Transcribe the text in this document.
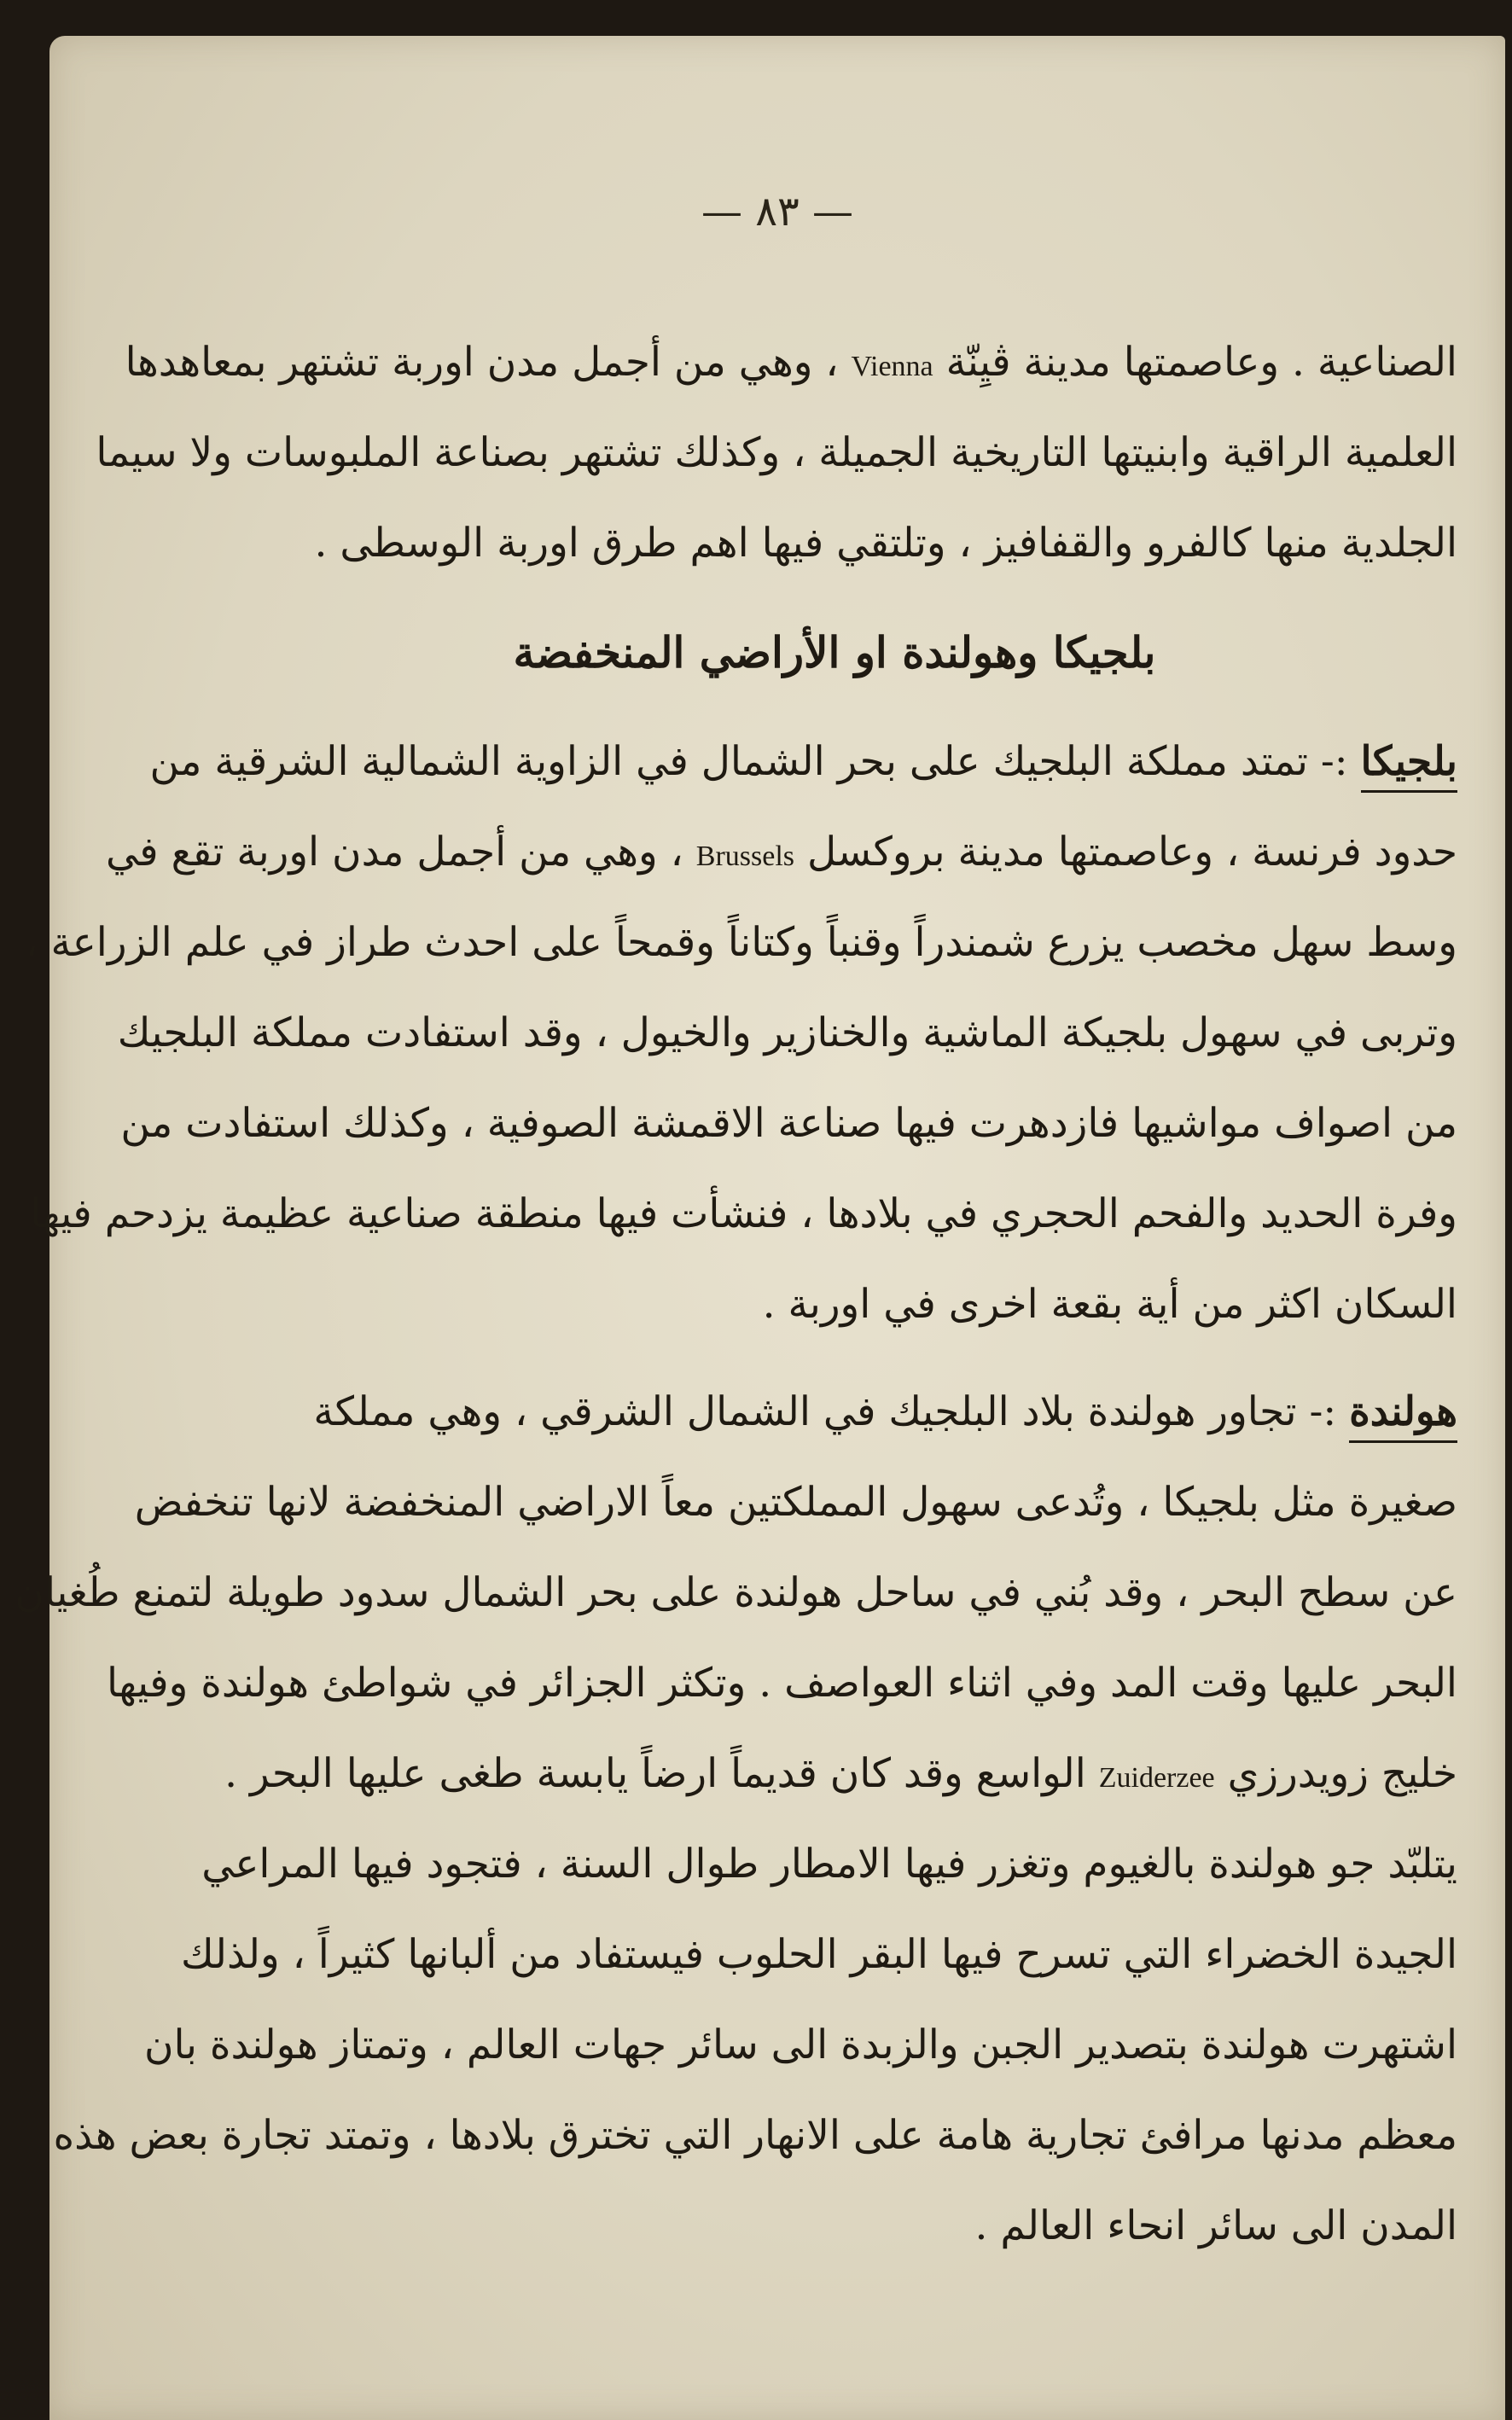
— ٨٣ —
الصناعية . وعاصمتها مدينة ڤيِنّة Vienna ، وهي من أجمل مدن اوربة تشتهر بمعاهدها
العلمية الراقية وابنيتها التاريخية الجميلة ، وكذلك تشتهر بصناعة الملبوسات ولا سيما
الجلدية منها كالفرو والقفافيز ، وتلتقي فيها اهم طرق اوربة الوسطى .
بلجيكا وهولندة او الأراضي المنخفضة
بلجيكا :- تمتد مملكة البلجيك على بحر الشمال في الزاوية الشمالية الشرقية من
حدود فرنسة ، وعاصمتها مدينة بروكسل Brussels ، وهي من أجمل مدن اوربة تقع في
وسط سهل مخصب يزرع شمندراً وقنباً وكتاناً وقمحاً على احدث طراز في علم الزراعة ،
وتربى في سهول بلجيكة الماشية والخنازير والخيول ، وقد استفادت مملكة البلجيك
من اصواف مواشيها فازدهرت فيها صناعة الاقمشة الصوفية ، وكذلك استفادت من
وفرة الحديد والفحم الحجري في بلادها ، فنشأت فيها منطقة صناعية عظيمة يزدحم فيها
السكان اكثر من أية بقعة اخرى في اوربة .
هولندة :- تجاور هولندة بلاد البلجيك في الشمال الشرقي ، وهي مملكة
صغيرة مثل بلجيكا ، وتُدعى سهول المملكتين معاً الاراضي المنخفضة لانها تنخفض
عن سطح البحر ، وقد بُني في ساحل هولندة على بحر الشمال سدود طويلة لتمنع طُغيان
البحر عليها وقت المد وفي اثناء العواصف . وتكثر الجزائر في شواطئ هولندة وفيها
خليج زويدرزي Zuiderzee الواسع وقد كان قديماً ارضاً يابسة طغى عليها البحر .
يتلبّد جو هولندة بالغيوم وتغزر فيها الامطار طوال السنة ، فتجود فيها المراعي
الجيدة الخضراء التي تسرح فيها البقر الحلوب فيستفاد من ألبانها كثيراً ، ولذلك
اشتهرت هولندة بتصدير الجبن والزبدة الى سائر جهات العالم ، وتمتاز هولندة بان
معظم مدنها مرافئ تجارية هامة على الانهار التي تخترق بلادها ، وتمتد تجارة بعض هذه
المدن الى سائر انحاء العالم .
